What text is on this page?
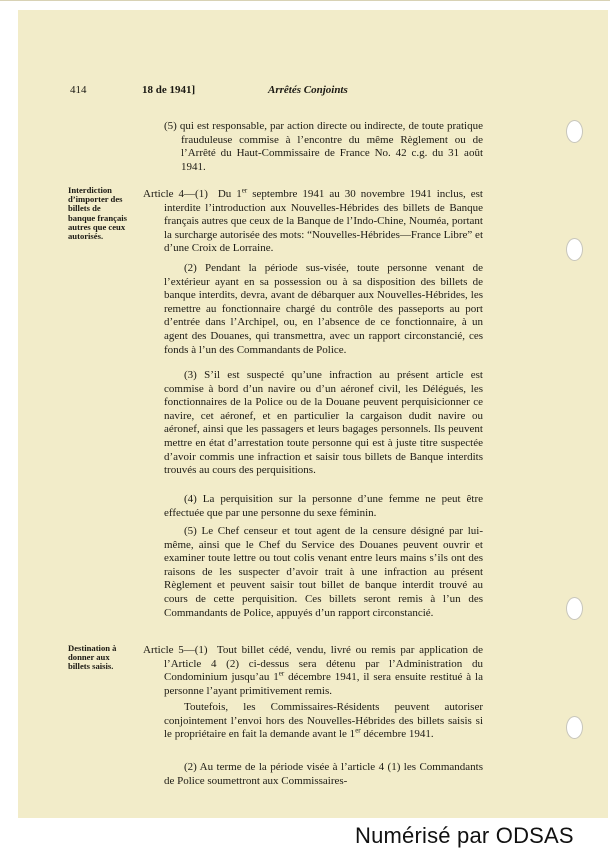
414	18 de 1941]	Arrêtés Conjoints

(5) qui est responsable, par action directe ou indirecte, de toute pratique frauduleuse commise à l’encontre du même Règlement ou de l’Arrêté du Haut-Commissaire de France No. 42 c.g. du 31 août 1941.

Interdiction d’importer des billets de banque français autres que ceux autorisés.

Article 4—(1) Du 1er septembre 1941 au 30 novembre 1941 inclus, est interdite l’introduction aux Nouvelles-Hébrides des billets de Banque français autres que ceux de la Banque de l’Indo-Chine, Nouméa, portant la surcharge autorisée des mots: “Nouvelles-Hébrides—France Libre” et d’une Croix de Lorraine.

(2) Pendant la période sus-visée, toute personne venant de l’extérieur ayant en sa possession ou à sa disposition des billets de banque interdits, devra, avant de débarquer aux Nouvelles-Hébrides, les remettre au fonctionnaire chargé du contrôle des passeports au port d’entrée dans l’Archipel, ou, en l’absence de ce fonctionnaire, à un agent des Douanes, qui transmettra, avec un rapport circonstancié, ces fonds à l’un des Commandants de Police.

(3) S’il est suspecté qu’une infraction au présent article est commise à bord d’un navire ou d’un aéronef civil, les Délégués, les fonctionnaires de la Police ou de la Douane peuvent perquisicionner ce navire, cet aéronef, et en particulier la cargaison dudit navire ou aéronef, ainsi que les passagers et leurs bagages personnels. Ils peuvent mettre en état d’arrestation toute personne qui est à juste titre suspectée d’avoir commis une infraction et saisir tous billets de Banque interdits trouvés au cours des perquisitions.

(4) La perquisition sur la personne d’une femme ne peut être effectuée que par une personne du sexe féminin.

(5) Le Chef censeur et tout agent de la censure désigné par lui-même, ainsi que le Chef du Service des Douanes peuvent ouvrir et examiner toute lettre ou tout colis venant entre leurs mains s’ils ont des raisons de les suspecter d’avoir trait à une infraction au présent Règlement et peuvent saisir tout billet de banque interdit trouvé au cours de cette perquisition. Ces billets seront remis à l’un des Commandants de Police, appuyés d’un rapport circonstancié.

Destination à donner aux billets saisis.

Article 5—(1) Tout billet cédé, vendu, livré ou remis par application de l’Article 4 (2) ci-dessus sera détenu par l’Administration du Condominium jusqu’au 1er décembre 1941, il sera ensuite restitué à la personne l’ayant primitivement remis.

Toutefois, les Commissaires-Résidents peuvent autoriser conjointement l’envoi hors des Nouvelles-Hébrides des billets saisis si le propriétaire en fait la demande avant le 1er décembre 1941.

(2) Au terme de la période visée à l’article 4 (1) les Commandants de Police soumettront aux Commissaires-

Numérisé par ODSAS
